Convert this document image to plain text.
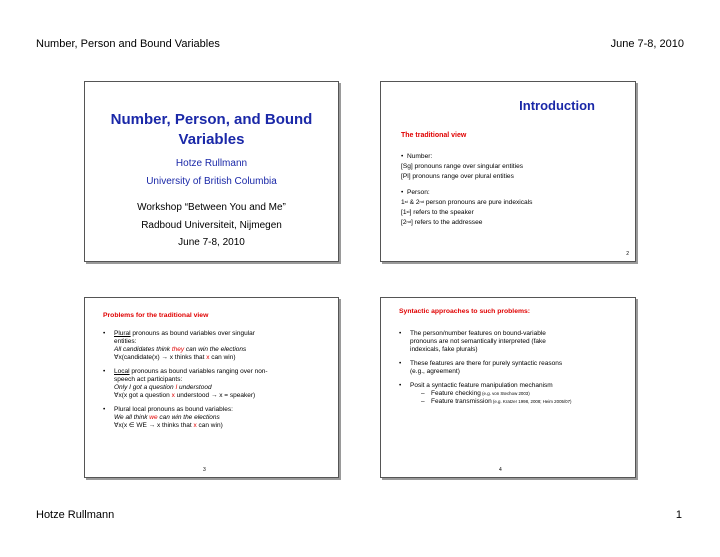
Number, Person and Bound Variables	June 7-8, 2010
Number, Person, and Bound
Variables
Hotze Rullmann
University of British Columbia
Workshop “Between You and Me”
Radboud Universiteit, Nijmegen
June 7-8, 2010
Introduction
The traditional view
•  Number:
[Sg] pronouns range over singular entities
[Pl] pronouns range over plural entities
•  Person:
1st & 2nd person pronouns are pure indexicals
[1st] refers to the speaker
[2nd] refers to the addressee
2
Problems for the traditional view
•	Plural pronouns as bound variables over singular
entities:
All candidates think they can win the elections
∀x(candidate(x) → x thinks that x can win)
•	Local pronouns as bound variables ranging over non-
speech act participants:
Only I got a question I understood
∀x(x got a question x understood → x = speaker)
•	Plural local pronouns as bound variables:
We all think we can win the elections
∀x(x ∈ WE → x thinks that x can win)
3
Syntactic approaches to such problems:
•	The person/number features on bound-variable
pronouns are not semantically interpreted (fake
indexicals, fake plurals)
•	These features are there for purely syntactic reasons
(e.g., agreement)
•	Posit a syntactic feature manipulation mechanism
– Feature checking (e.g. von Stechow 2003)
– Feature transmission (e.g. Kratzer 1998, 2008; Heim 2005/07)
4
Hotze Rullmann	1
